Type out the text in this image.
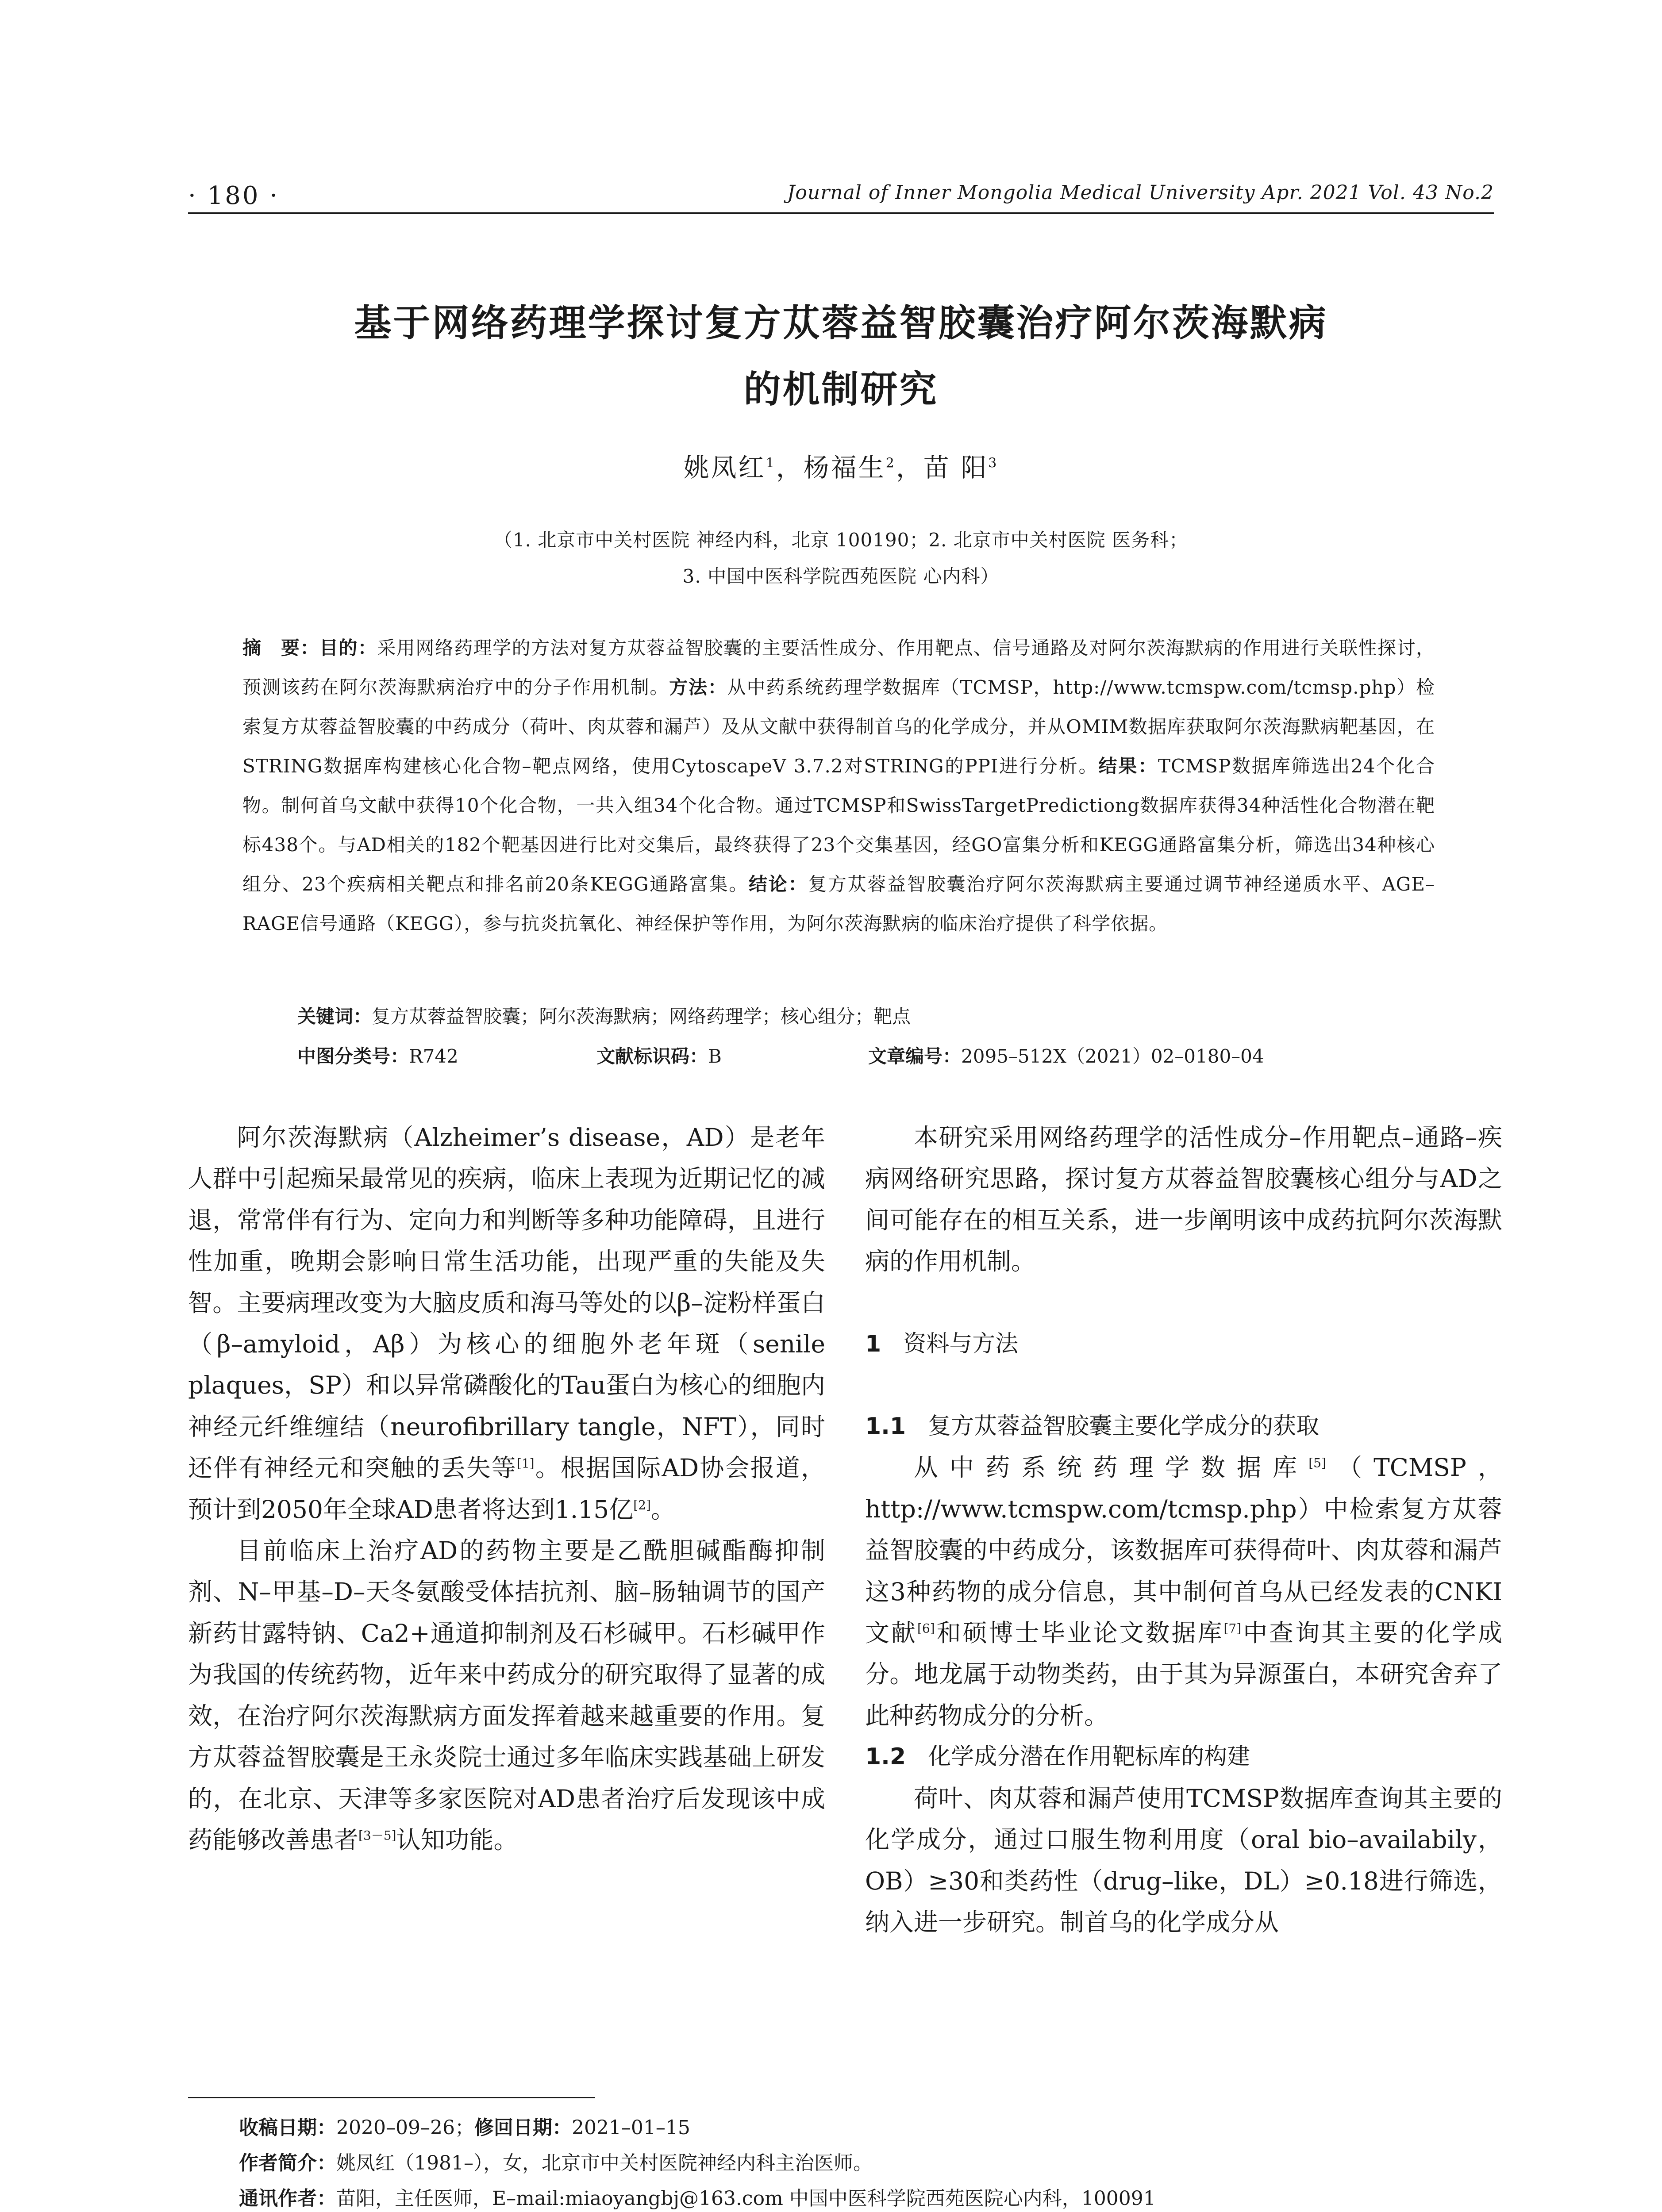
· 180 ·	Journal of Inner Mongolia Medical University Apr. 2021 Vol. 43 No.2
基于网络药理学探讨复方苁蓉益智胶囊治疗阿尔茨海默病
的机制研究
姚凤红$^1$，杨福生$^2$，苗 阳$^3$
（1. 北京市中关村医院 神经内科，北京 100190；2. 北京市中关村医院 医务科；
3. 中国中医科学院西苑医院 心内科）
摘　要：目的：采用网络药理学的方法对复方苁蓉益智胶囊的主要活性成分、作用靶点、信号通路及对阿尔茨海默病的作用进行关联性探讨，预测该药在阿尔茨海默病治疗中的分子作用机制。方法：从中药系统药理学数据库（TCMSP，http://www.tcmspw.com/tcmsp.php）检索复方苁蓉益智胶囊的中药成分（荷叶、肉苁蓉和漏芦）及从文献中获得制首乌的化学成分，并从OMIM数据库获取阿尔茨海默病靶基因，在STRING数据库构建核心化合物–靶点网络，使用CytoscapeV 3.7.2对STRING的PPI进行分析。结果：TCMSP数据库筛选出24个化合物。制何首乌文献中获得10个化合物，一共入组34个化合物。通过TCMSP和SwissTargetPredictiong数据库获得34种活性化合物潜在靶标438个。与AD相关的182个靶基因进行比对交集后，最终获得了23个交集基因，经GO富集分析和KEGG通路富集分析，筛选出34种核心组分、23个疾病相关靶点和排名前20条KEGG通路富集。结论：复方苁蓉益智胶囊治疗阿尔茨海默病主要通过调节神经递质水平、AGE–RAGE信号通路（KEGG），参与抗炎抗氧化、神经保护等作用，为阿尔茨海默病的临床治疗提供了科学依据。
关键词：复方苁蓉益智胶囊；阿尔茨海默病；网络药理学；核心组分；靶点
中图分类号：R742	文献标识码：B	文章编号：2095–512X（2021）02–0180–04

阿尔茨海默病（Alzheimer’s disease，AD）是老年人群中引起痴呆最常见的疾病，临床上表现为近期记忆的减退，常常伴有行为、定向力和判断等多种功能障碍，且进行性加重，晚期会影响日常生活功能，出现严重的失能及失智。主要病理改变为大脑皮质和海马等处的以β–淀粉样蛋白（β–amyloid，Aβ）为核心的细胞外老年斑（senile plaques，SP）和以异常磷酸化的Tau蛋白为核心的细胞内神经元纤维缠结（neurofibrillary tangle，NFT），同时还伴有神经元和突触的丢失等[1]。根据国际AD协会报道，预计到2050年全球AD患者将达到1.15亿[2]。

目前临床上治疗AD的药物主要是乙酰胆碱酯酶抑制剂、N–甲基–D–天冬氨酸受体拮抗剂、脑–肠轴调节的国产新药甘露特钠、Ca2+通道抑制剂及石杉碱甲。石杉碱甲作为我国的传统药物，近年来中药成分的研究取得了显著的成效，在治疗阿尔茨海默病方面发挥着越来越重要的作用。复方苁蓉益智胶囊是王永炎院士通过多年临床实践基础上研发的，在北京、天津等多家医院对AD患者治疗后发现该中成药能够改善患者[3－5]认知功能。

本研究采用网络药理学的活性成分–作用靶点–通路–疾病网络研究思路，探讨复方苁蓉益智胶囊核心组分与AD之间可能存在的相互关系，进一步阐明该中成药抗阿尔茨海默病的作用机制。

1 资料与方法
1.1 复方苁蓉益智胶囊主要化学成分的获取

从中药系统药理学数据库[5]（TCMSP，http://www.tcmspw.com/tcmsp.php）中检索复方苁蓉益智胶囊的中药成分，该数据库可获得荷叶、肉苁蓉和漏芦这3种药物的成分信息，其中制何首乌从已经发表的CNKI文献[6]和硕博士毕业论文数据库[7]中查询其主要的化学成分。地龙属于动物类药，由于其为异源蛋白，本研究舍弃了此种药物成分的分析。

1.2 化学成分潜在作用靶标库的构建

荷叶、肉苁蓉和漏芦使用TCMSP数据库查询其主要的化学成分，通过口服生物利用度（oral bio–availabily，OB）≥30和类药性（drug–like，DL）≥0.18进行筛选，纳入进一步研究。制首乌的化学成分从

收稿日期：2020–09–26；修回日期：2021–01–15
作者简介：姚凤红（1981–），女，北京市中关村医院神经内科主治医师。
通讯作者：苗阳，主任医师，E–mail:miaoyangbj@163.com 中国中医科学院西苑医院心内科，100091
